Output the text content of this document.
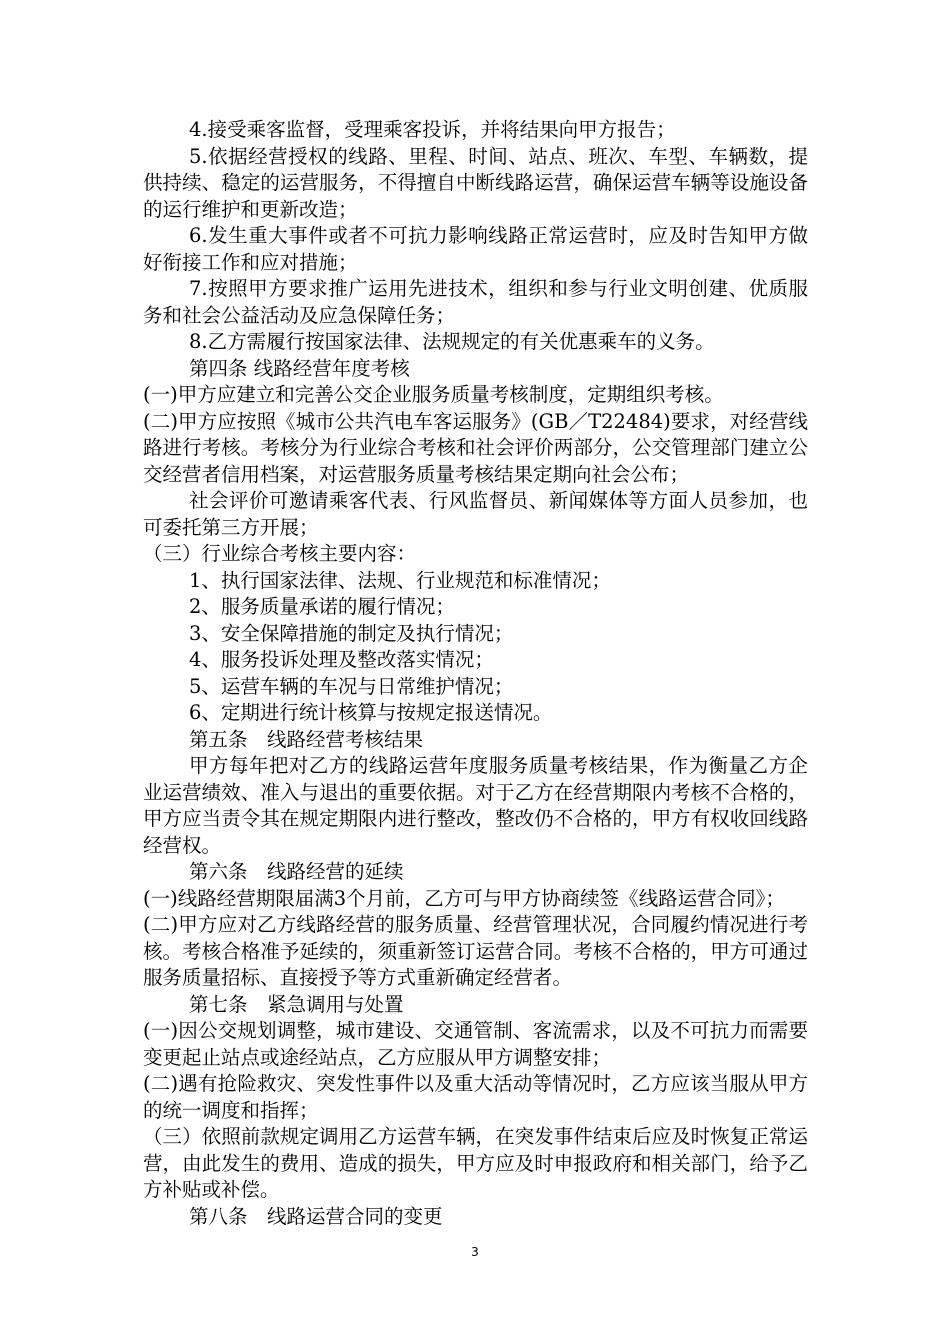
4.接受乘客监督，受理乘客投诉，并将结果向甲方报告；

5.依据经营授权的线路、里程、时间、站点、班次、车型、车辆数，提供持续、稳定的运营服务，不得擅自中断线路运营，确保运营车辆等设施设备的运行维护和更新改造；

6.发生重大事件或者不可抗力影响线路正常运营时，应及时告知甲方做好衔接工作和应对措施；

7.按照甲方要求推广运用先进技术，组织和参与行业文明创建、优质服务和社会公益活动及应急保障任务；

8.乙方需履行按国家法律、法规规定的有关优惠乘车的义务。

第四条 线路经营年度考核

(一)甲方应建立和完善公交企业服务质量考核制度，定期组织考核。

(二)甲方应按照《城市公共汽电车客运服务》(GB／T22484)要求，对经营线路进行考核。考核分为行业综合考核和社会评价两部分，公交管理部门建立公交经营者信用档案，对运营服务质量考核结果定期向社会公布；

社会评价可邀请乘客代表、行风监督员、新闻媒体等方面人员参加，也可委托第三方开展；

（三）行业综合考核主要内容：

1、执行国家法律、法规、行业规范和标准情况；

2、服务质量承诺的履行情况；

3、安全保障措施的制定及执行情况；

4、服务投诉处理及整改落实情况；

5、运营车辆的车况与日常维护情况；

6、定期进行统计核算与按规定报送情况。

第五条　线路经营考核结果

甲方每年把对乙方的线路运营年度服务质量考核结果，作为衡量乙方企业运营绩效、准入与退出的重要依据。对于乙方在经营期限内考核不合格的，甲方应当责令其在规定期限内进行整改，整改仍不合格的，甲方有权收回线路经营权。

第六条　线路经营的延续

(一)线路经营期限届满3个月前，乙方可与甲方协商续签《线路运营合同》；

(二)甲方应对乙方线路经营的服务质量、经营管理状况，合同履约情况进行考核。考核合格准予延续的，须重新签订运营合同。考核不合格的，甲方可通过服务质量招标、直接授予等方式重新确定经营者。

第七条　紧急调用与处置

(一)因公交规划调整，城市建设、交通管制、客流需求，以及不可抗力而需要变更起止站点或途经站点，乙方应服从甲方调整安排；

(二)遇有抢险救灾、突发性事件以及重大活动等情况时，乙方应该当服从甲方的统一调度和指挥；

（三）依照前款规定调用乙方运营车辆，在突发事件结束后应及时恢复正常运营，由此发生的费用、造成的损失，甲方应及时申报政府和相关部门，给予乙方补贴或补偿。

第八条　线路运营合同的变更

3
